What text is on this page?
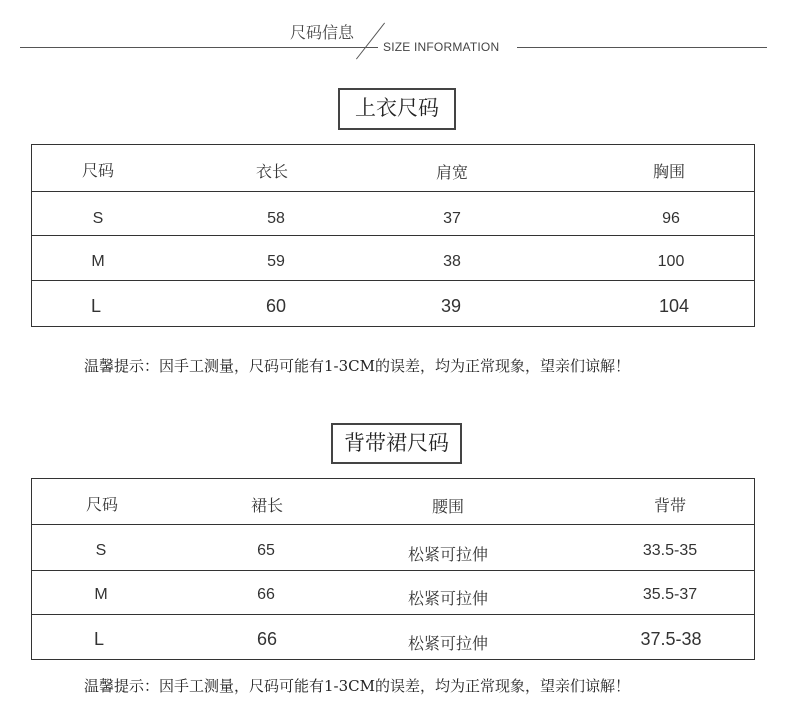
尺码信息
SIZE INFORMATION
上衣尺码
尺码	衣长	肩宽	胸围
S	58	37	96
M	59	38	100
L	60	39	104
温馨提示：因手工测量，尺码可能有1-3CM的误差，均为正常现象，望亲们谅解！
背带裙尺码
尺码	裙长	腰围	背带
S	65	松紧可拉伸	33.5-35
M	66	松紧可拉伸	35.5-37
L	66	松紧可拉伸	37.5-38
温馨提示：因手工测量，尺码可能有1-3CM的误差，均为正常现象，望亲们谅解！
